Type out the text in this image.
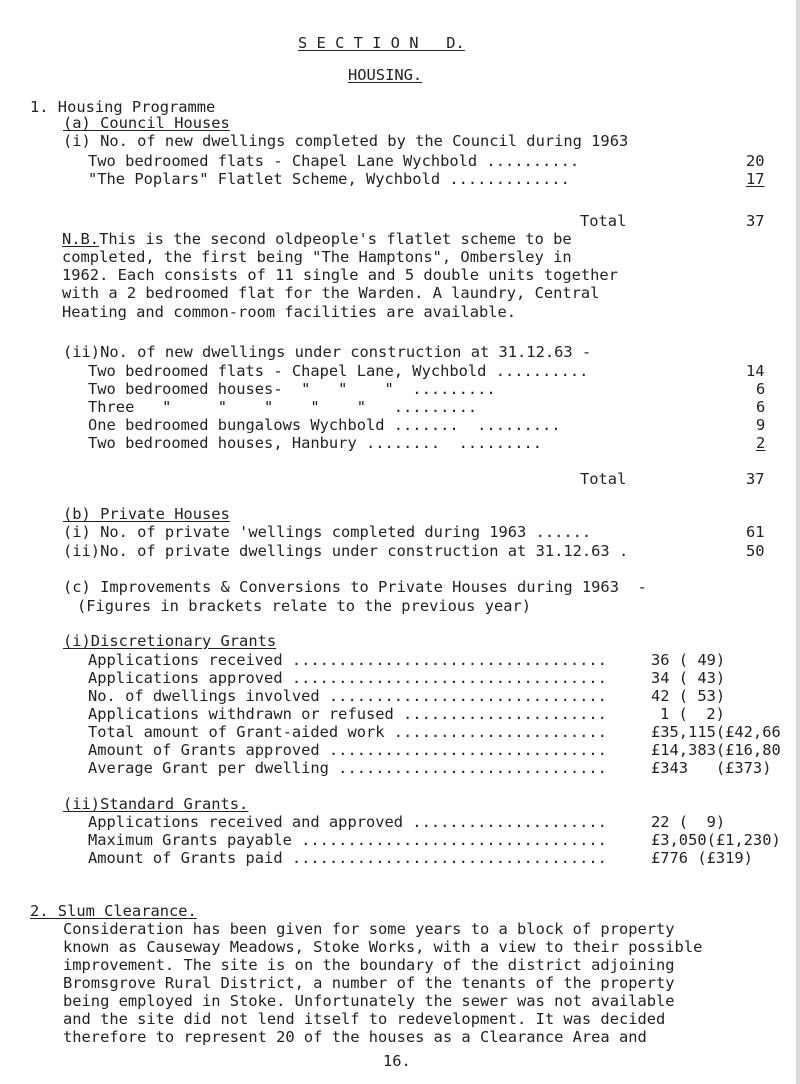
S E C T I O N   D.
HOUSING.
1. Housing Programme
(a) Council Houses
(i) No. of new dwellings completed by the Council during 1963
Two bedroomed flats - Chapel Lane Wychbold ..........	20
"The Poplars" Flatlet Scheme, Wychbold .............	17
Total	37
N.B.This is the second oldpeople's flatlet scheme to be
completed, the first being "The Hamptons", Ombersley in
1962. Each consists of 11 single and 5 double units together
with a 2 bedroomed flat for the Warden. A laundry, Central
Heating and common-room facilities are available.
(ii)No. of new dwellings under construction at 31.12.63 -
Two bedroomed flats - Chapel Lane, Wychbold ..........	14
Two bedroomed houses-  "   "    "  .........	6
Three   "     "    "    "    "   .........	6
One bedroomed bungalows Wychbold .......  .........	9
Two bedroomed houses, Hanbury ........  .........	2
Total	37
(b) Private Houses
(i) No. of private 'wellings completed during 1963 ......	61
(ii)No. of private dwellings under construction at 31.12.63 .	50
(c) Improvements & Conversions to Private Houses during 1963  -
(Figures in brackets relate to the previous year)
(i)Discretionary Grants
Applications received ..................................	36 ( 49)
Applications approved ..................................	34 ( 43)
No. of dwellings involved ..............................	42 ( 53)
Applications withdrawn or refused ......................	1 (  2)
Total amount of Grant-aided work .......................	£35,115(£42,66
Amount of Grants approved ..............................	£14,383(£16,80
Average Grant per dwelling .............................	£343   (£373)
(ii)Standard Grants.
Applications received and approved .....................	22 (  9)
Maximum Grants payable .................................	£3,050(£1,230)
Amount of Grants paid ..................................	£776 (£319)
2. Slum Clearance.
Consideration has been given for some years to a block of property
known as Causeway Meadows, Stoke Works, with a view to their possible
improvement. The site is on the boundary of the district adjoining
Bromsgrove Rural District, a number of the tenants of the property
being employed in Stoke. Unfortunately the sewer was not available
and the site did not lend itself to redevelopment. It was decided
therefore to represent 20 of the houses as a Clearance Area and
16.
